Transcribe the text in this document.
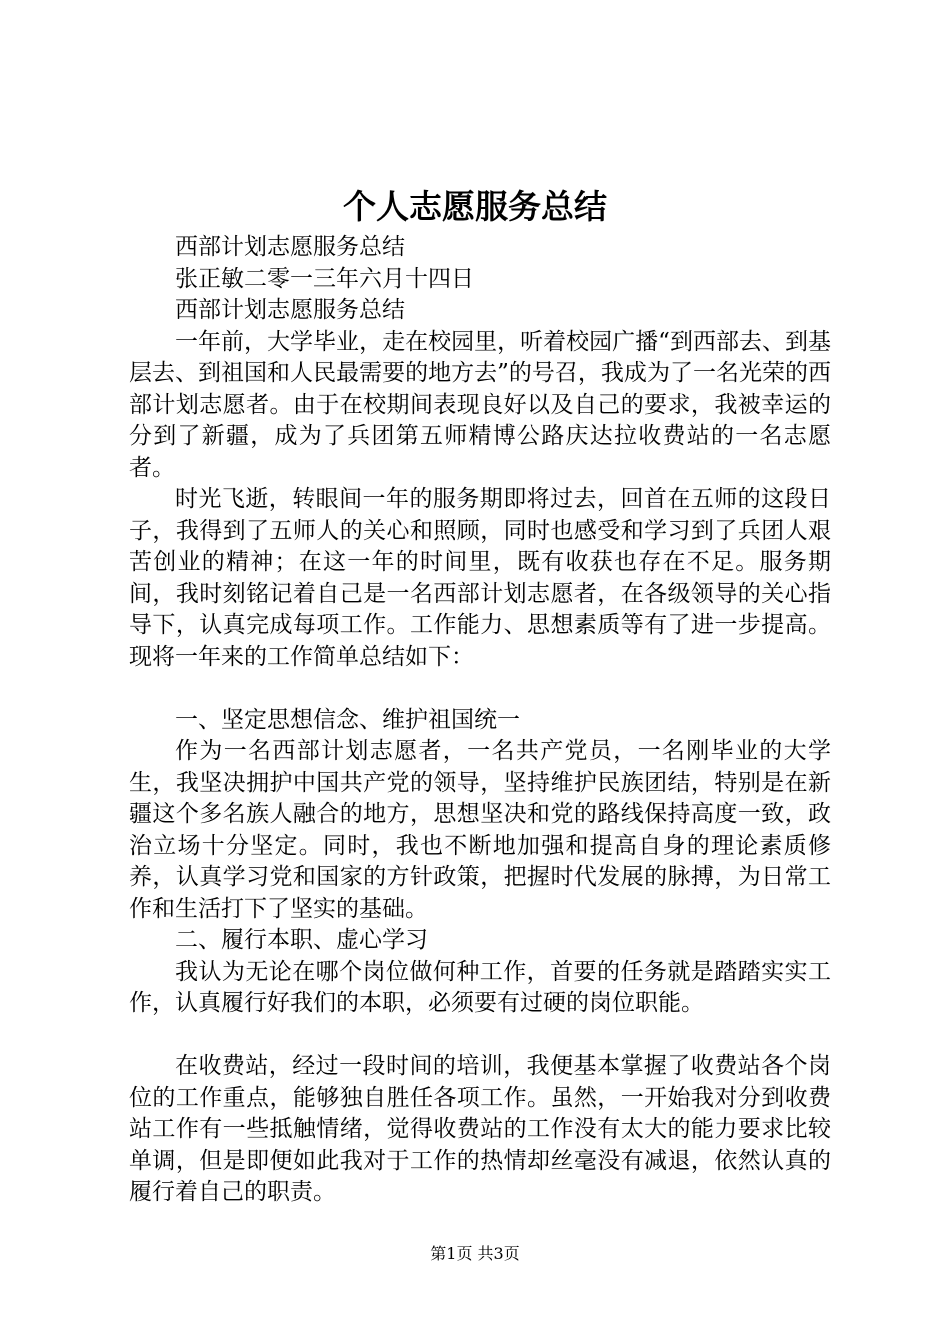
个人志愿服务总结

西部计划志愿服务总结

张正敏二零一三年六月十四日

西部计划志愿服务总结

一年前，大学毕业，走在校园里，听着校园广播“到西部去、到基层去、到祖国和人民最需要的地方去”的号召，我成为了一名光荣的西部计划志愿者。由于在校期间表现良好以及自己的要求，我被幸运的分到了新疆，成为了兵团第五师精博公路庆达拉收费站的一名志愿者。

时光飞逝，转眼间一年的服务期即将过去，回首在五师的这段日子，我得到了五师人的关心和照顾，同时也感受和学习到了兵团人艰苦创业的精神；在这一年的时间里，既有收获也存在不足。服务期间，我时刻铭记着自己是一名西部计划志愿者，在各级领导的关心指导下，认真完成每项工作。工作能力、思想素质等有了进一步提高。现将一年来的工作简单总结如下：

一、坚定思想信念、维护祖国统一

作为一名西部计划志愿者，一名共产党员，一名刚毕业的大学生，我坚决拥护中国共产党的领导，坚持维护民族团结，特别是在新疆这个多名族人融合的地方，思想坚决和党的路线保持高度一致，政治立场十分坚定。同时，我也不断地加强和提高自身的理论素质修养，认真学习党和国家的方针政策，把握时代发展的脉搏，为日常工作和生活打下了坚实的基础。

二、履行本职、虚心学习

我认为无论在哪个岗位做何种工作，首要的任务就是踏踏实实工作，认真履行好我们的本职，必须要有过硬的岗位职能。

在收费站，经过一段时间的培训，我便基本掌握了收费站各个岗位的工作重点，能够独自胜任各项工作。虽然，一开始我对分到收费站工作有一些抵触情绪，觉得收费站的工作没有太大的能力要求比较单调，但是即便如此我对于工作的热情却丝毫没有减退，依然认真的履行着自己的职责。

第1页 共3页
